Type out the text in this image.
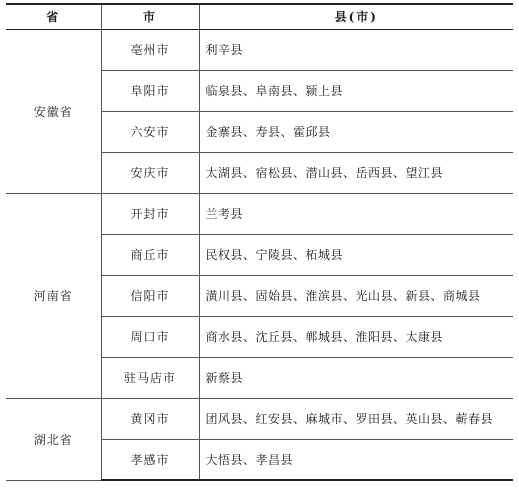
省	市	县(市)
安徽省	亳州市	利辛县
	阜阳市	临泉县、阜南县、颍上县
	六安市	金寨县、寿县、霍邱县
	安庆市	太湖县、宿松县、潜山县、岳西县、望江县
河南省	开封市	兰考县
	商丘市	民权县、宁陵县、柘城县
	信阳市	潢川县、固始县、淮滨县、光山县、新县、商城县
	周口市	商水县、沈丘县、郸城县、淮阳县、太康县
	驻马店市	新蔡县
湖北省	黄冈市	团风县、红安县、麻城市、罗田县、英山县、蕲春县
	孝感市	大悟县、孝昌县
